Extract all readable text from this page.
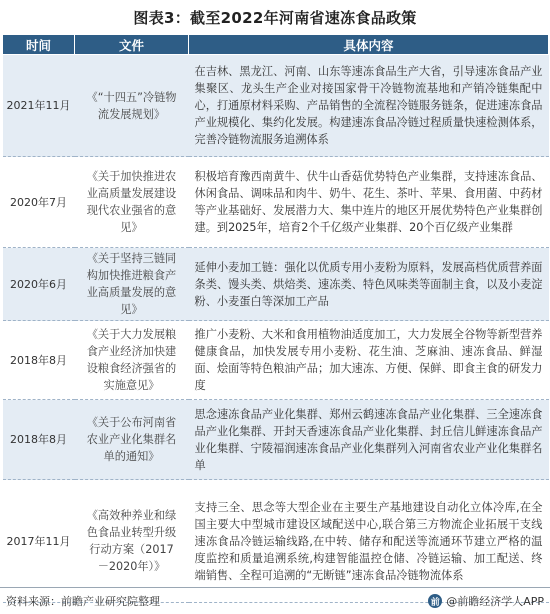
图表3：截至2022年河南省速冻食品政策
时间	文件	具体内容
2021年11月	《“十四五”冷链物流发展规划》	在吉林、黑龙江、河南、山东等速冻食品生产大省，引导速冻食品产业集聚区、龙头生产企业对接国家骨干冷链物流基地和产销冷链集配中心，打通原材料采购、产品销售的全流程冷链服务链条，促进速冻食品产业规模化、集约化发展。构建速冻食品冷链过程质量快速检测体系，完善冷链物流服务追溯体系
2020年7月	《关于加快推进农业高质量发展建设现代农业强省的意见》	积极培育豫西南黄牛、伏牛山香菇优势特色产业集群，支持速冻食品、休闲食品、调味品和肉牛、奶牛、花生、茶叶、苹果、食用菌、中药材等产业基础好、发展潜力大、集中连片的地区开展优势特色产业集群创建。到2025年，培育2个千亿级产业集群、20个百亿级产业集群
2020年6月	《关于坚持三链同构加快推进粮食产业高质量发展的意见》	延伸小麦加工链：强化以优质专用小麦粉为原料，发展高档优质营养面条类、馒头类、烘焙类、速冻类、特色风味类等面制主食，以及小麦淀粉、小麦蛋白等深加工产品
2018年8月	《关于大力发展粮食产业经济加快建设粮食经济强省的实施意见》	推广小麦粉、大米和食用植物油适度加工，大力发展全谷物等新型营养健康食品，加快发展专用小麦粉、花生油、芝麻油、速冻食品、鲜湿面、烩面等特色粮油产品；加大速冻、方便、保鲜、即食主食的研发力度
2018年8月	《关于公布河南省农业产业化集群名单的通知》	思念速冻食品产业化集群、郑州云鹤速冻食品产业化集群、三全速冻食品产业化集群、开封天香速冻食品产业化集群、封丘信儿鲜速冻食品产业化集群、宁陵福润速冻食品产业化集群列入河南省农业产业化集群名单
2017年11月	《高效种养业和绿色食品业转型升级行动方案（2017－2020年）》	支持三全、思念等大型企业在主要生产基地建设自动化立体冷库,在全国主要大中型城市建设区域配送中心,联合第三方物流企业拓展干支线速冻食品冷链运输线路,在中转、储存和配送等流通环节建立严格的温度监控和质量追溯系统,构建智能温控仓储、冷链运输、加工配送、终端销售、全程可追溯的“无断链”速冻食品冷链物流体系
资料来源：前瞻产业研究院整理	前 @前瞻经济学人APP
